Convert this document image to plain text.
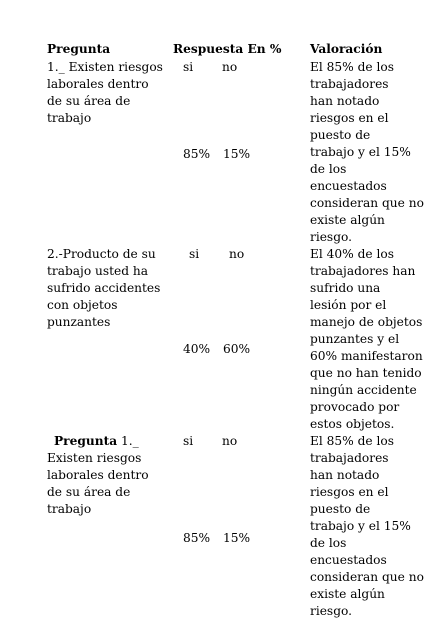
Pregunta	Respuesta En % Valoración
1._ Existen riesgos
laborales dentro
de su área de
trabajo
si no
85% 15%
El 85% de los
trabajadores
han notado
riesgos en el
puesto de
trabajo y el 15%
de los
encuestados
consideran que no
existe algún
riesgo.
2.-Producto de su
trabajo usted ha
sufrido accidentes
con objetos
punzantes
si no
40% 60%
El 40% de los
trabajadores han
sufrido una
lesión por el
manejo de objetos
punzantes y el
60% manifestaron
que no han tenido
ningún accidente
provocado por
estos objetos.
Pregunta 1._
Existen riesgos
laborales dentro
de su área de
trabajo
si no
85% 15%
El 85% de los
trabajadores
han notado
riesgos en el
puesto de
trabajo y el 15%
de los
encuestados
consideran que no
existe algún
riesgo.
